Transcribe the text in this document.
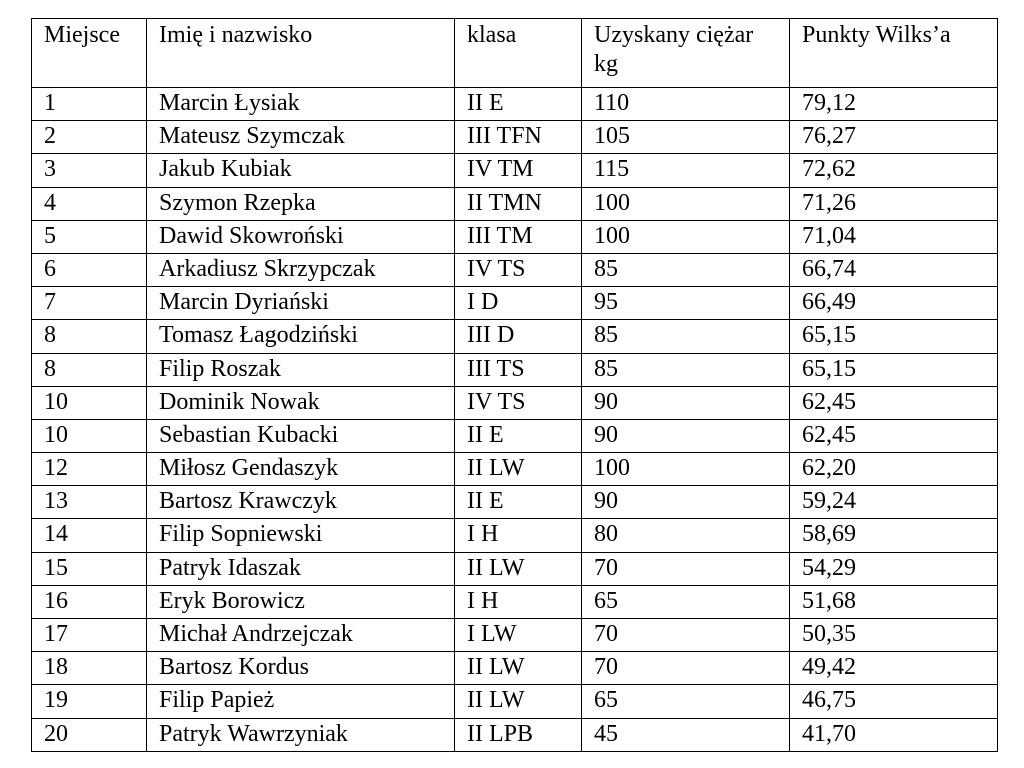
Miejsce	Imię i nazwisko	klasa	Uzyskany ciężar kg	Punkty Wilks’a
1	Marcin Łysiak	II E	110	79,12
2	Mateusz Szymczak	III TFN	105	76,27
3	Jakub Kubiak	IV TM	115	72,62
4	Szymon Rzepka	II TMN	100	71,26
5	Dawid Skowroński	III TM	100	71,04
6	Arkadiusz Skrzypczak	IV TS	85	66,74
7	Marcin Dyriański	I D	95	66,49
8	Tomasz Łagodziński	III D	85	65,15
8	Filip Roszak	III TS	85	65,15
10	Dominik Nowak	IV TS	90	62,45
10	Sebastian Kubacki	II E	90	62,45
12	Miłosz Gendaszyk	II LW	100	62,20
13	Bartosz Krawczyk	II E	90	59,24
14	Filip Sopniewski	I H	80	58,69
15	Patryk Idaszak	II LW	70	54,29
16	Eryk Borowicz	I H	65	51,68
17	Michał Andrzejczak	I LW	70	50,35
18	Bartosz Kordus	II LW	70	49,42
19	Filip Papież	II LW	65	46,75
20	Patryk Wawrzyniak	II LPB	45	41,70
